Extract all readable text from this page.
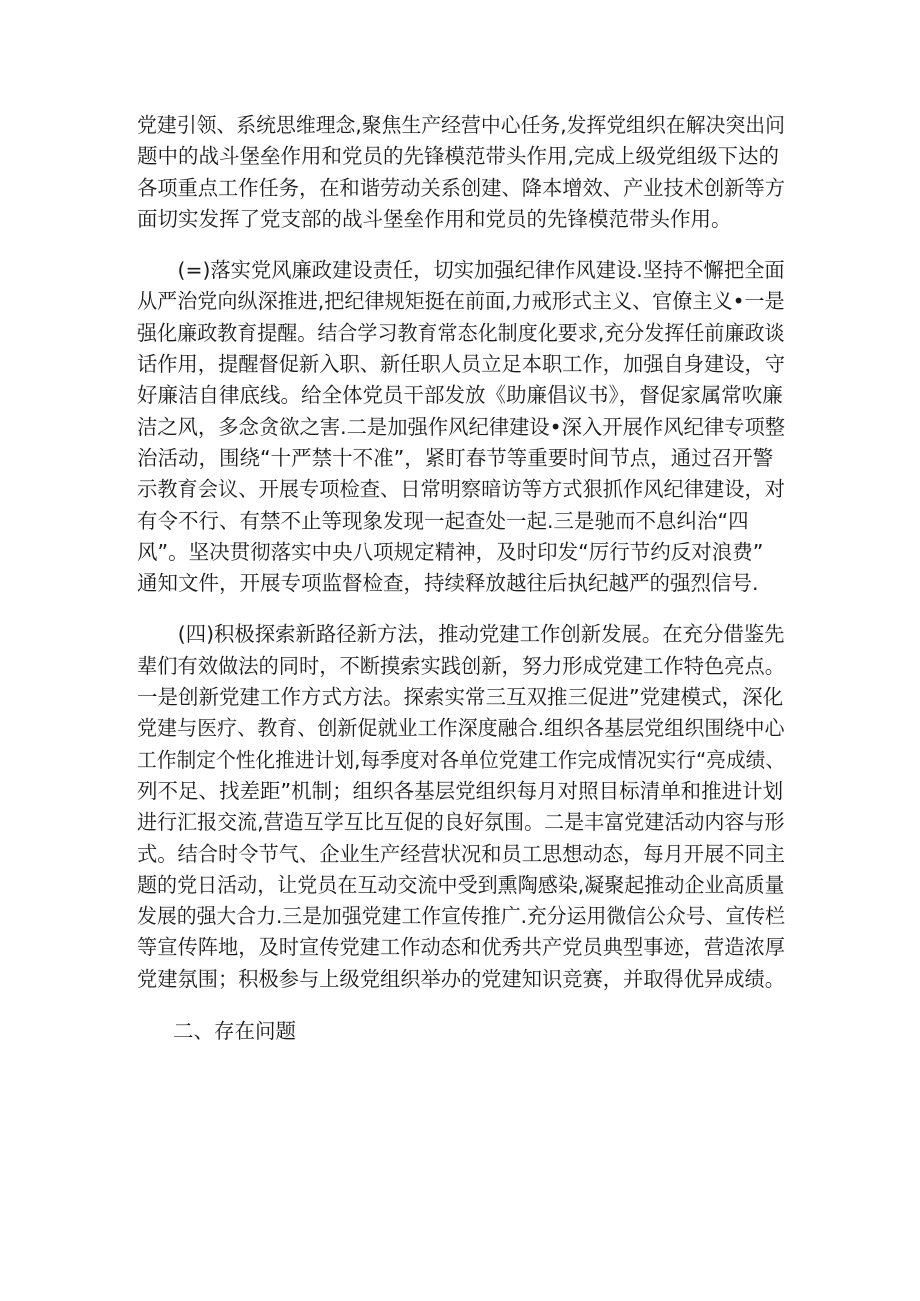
党建引领、系统思维理念,聚焦生产经营中心任务,发挥党组织在解决突出问
题中的战斗堡垒作用和党员的先锋模范带头作用,完成上级党组级下达的
各项重点工作任务，在和谐劳动关系创建、降本增效、产业技术创新等方
面切实发挥了党支部的战斗堡垒作用和党员的先锋模范带头作用。
　　(=)落实党风廉政建设责任，切实加强纪律作风建设.坚持不懈把全面
从严治党向纵深推进,把纪律规矩挺在前面,力戒形式主义、官僚主义•一是
强化廉政教育提醒。结合学习教育常态化制度化要求,充分发挥任前廉政谈
话作用，提醒督促新入职、新任职人员立足本职工作，加强自身建设，守
好廉洁自律底线。给全体党员干部发放《助廉倡议书》，督促家属常吹廉
洁之风，多念贪欲之害.二是加强作风纪律建设•深入开展作风纪律专项整
治活动，围绕“十严禁十不准”，紧盯春节等重要时间节点，通过召开警
示教育会议、开展专项检查、日常明察暗访等方式狠抓作风纪律建设，对
有令不行、有禁不止等现象发现一起查处一起.三是驰而不息纠治“四
风”。坚决贯彻落实中央八项规定精神，及时印发“厉行节约反对浪费”
通知文件，开展专项监督检查，持续释放越往后执纪越严的强烈信号.
　　(四)积极探索新路径新方法，推动党建工作创新发展。在充分借鉴先
辈们有效做法的同时，不断摸索实践创新，努力形成党建工作特色亮点。
一是创新党建工作方式方法。探索实常三互双推三促进”党建模式，深化
党建与医疗、教育、创新促就业工作深度融合.组织各基层党组织围绕中心
工作制定个性化推进计划,每季度对各单位党建工作完成情况实行“亮成绩、
列不足、找差距”机制；组织各基层党组织每月对照目标清单和推进计划
进行汇报交流,营造互学互比互促的良好氛围。二是丰富党建活动内容与形
式。结合时令节气、企业生产经营状况和员工思想动态，每月开展不同主
题的党日活动，让党员在互动交流中受到熏陶感染,凝聚起推动企业高质量
发展的强大合力.三是加强党建工作宣传推广.充分运用微信公众号、宣传栏
等宣传阵地，及时宣传党建工作动态和优秀共产党员典型事迹，营造浓厚
党建氛围；积极参与上级党组织举办的党建知识竞赛，并取得优异成绩。
二、存在问题
